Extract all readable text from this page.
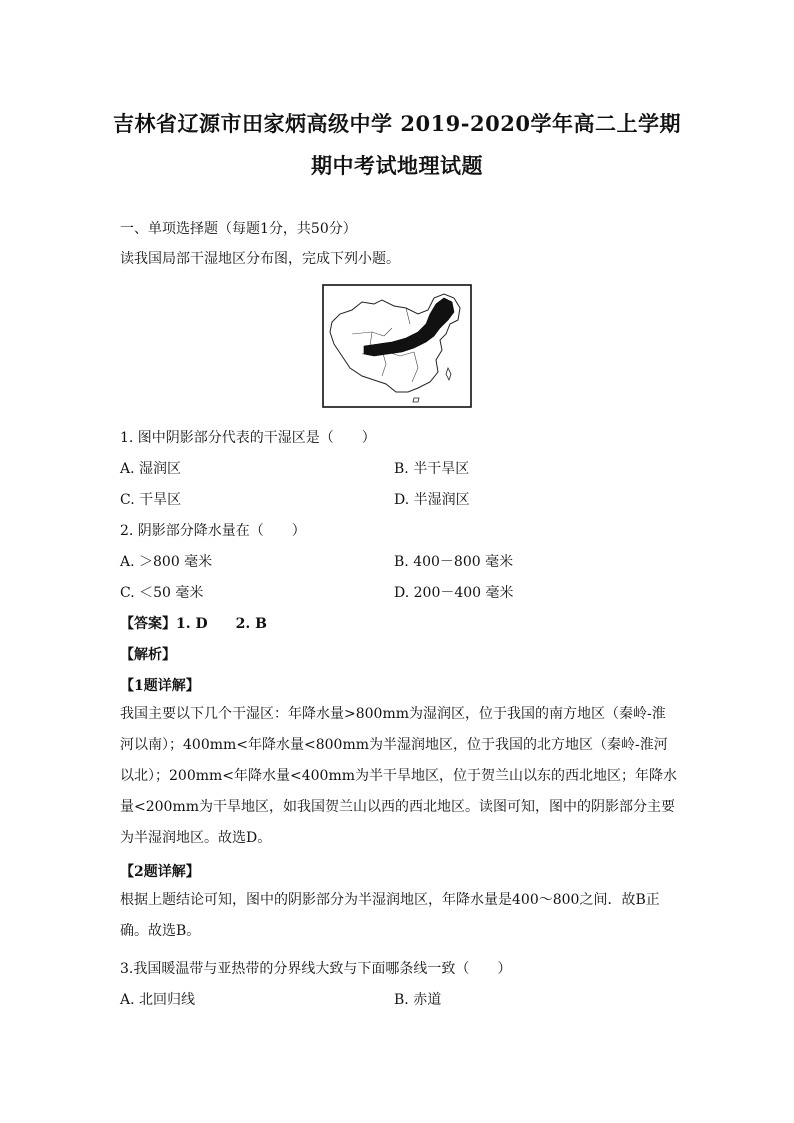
吉林省辽源市田家炳高级中学 2019-2020学年高二上学期
期中考试地理试题
一、单项选择题（每题1分，共50分）
读我国局部干湿地区分布图，完成下列小题。
1. 图中阴影部分代表的干湿区是（　　）
A. 湿润区	B. 半干旱区
C. 干旱区	D. 半湿润区
2. 阴影部分降水量在（　　）
A. ＞800 毫米	B. 400－800 毫米
C. ＜50 毫米	D. 200－400 毫米
【答案】1. D　　2. B
【解析】
【1题详解】
我国主要以下几个干湿区：年降水量>800mm为湿润区，位于我国的南方地区（秦岭-淮河以南）；400mm<年降水量<800mm为半湿润地区，位于我国的北方地区（秦岭-淮河以北）；200mm<年降水量<400mm为半干旱地区，位于贺兰山以东的西北地区；年降水量<200mm为干旱地区，如我国贺兰山以西的西北地区。读图可知，图中的阴影部分主要为半湿润地区。故选D。
【2题详解】
根据上题结论可知，图中的阴影部分为半湿润地区，年降水量是400～800之间．故B正确。故选B。
3.我国暖温带与亚热带的分界线大致与下面哪条线一致（　　）
A. 北回归线	B. 赤道
